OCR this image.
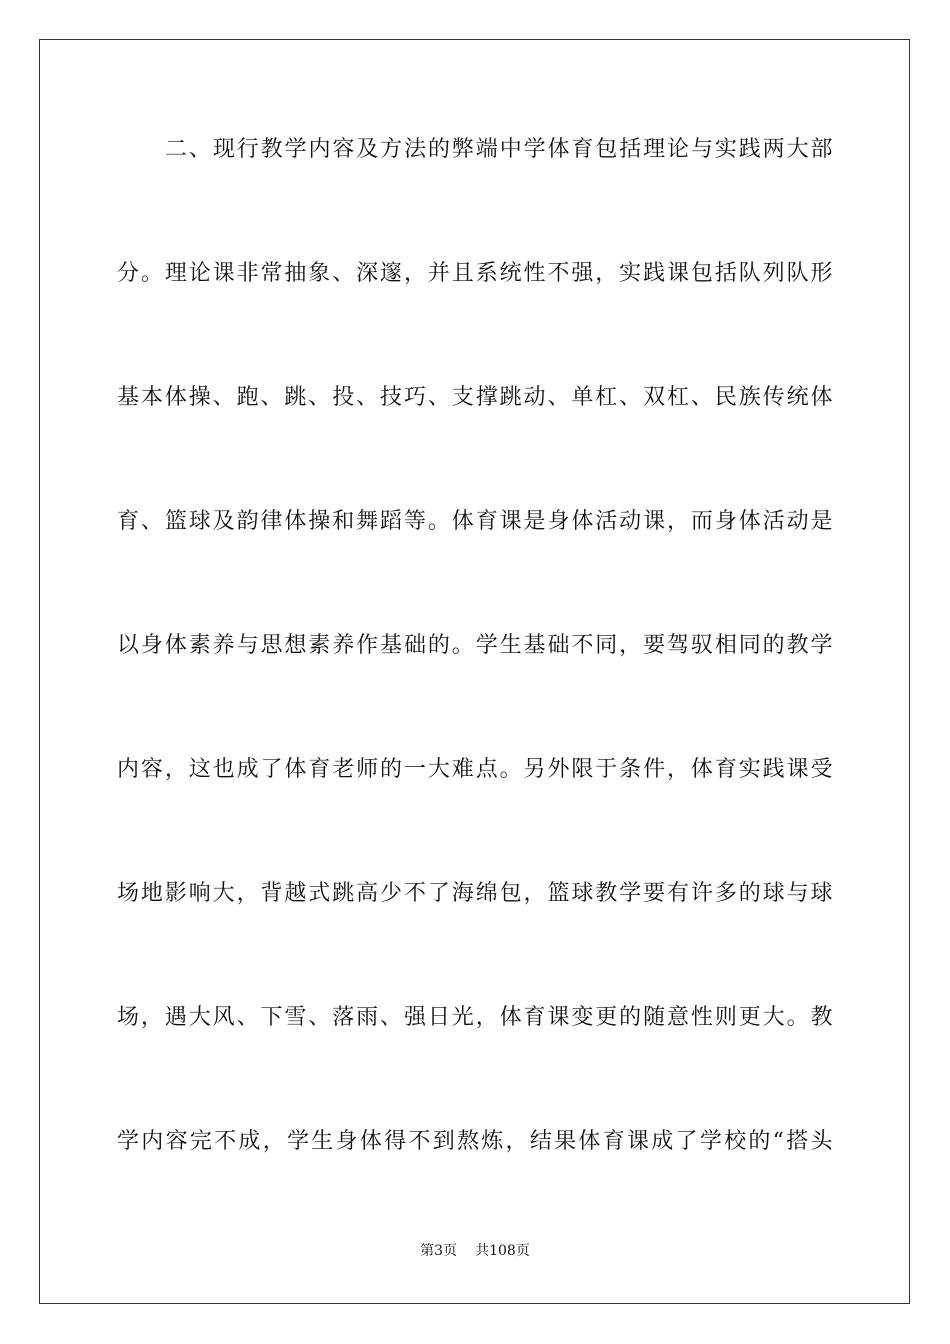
二、现行教学内容及方法的弊端中学体育包括理论与实践两大部
分。理论课非常抽象、深邃，并且系统性不强，实践课包括队列队形
基本体操、跑、跳、投、技巧、支撑跳动、单杠、双杠、民族传统体
育、篮球及韵律体操和舞蹈等。体育课是身体活动课，而身体活动是
以身体素养与思想素养作基础的。学生基础不同，要驾驭相同的教学
内容，这也成了体育老师的一大难点。另外限于条件，体育实践课受
场地影响大，背越式跳高少不了海绵包，篮球教学要有许多的球与球
场，遇大风、下雪、落雨、强日光，体育课变更的随意性则更大。教
学内容完不成，学生身体得不到熬炼，结果体育课成了学校的“搭头
第3页 共108页
